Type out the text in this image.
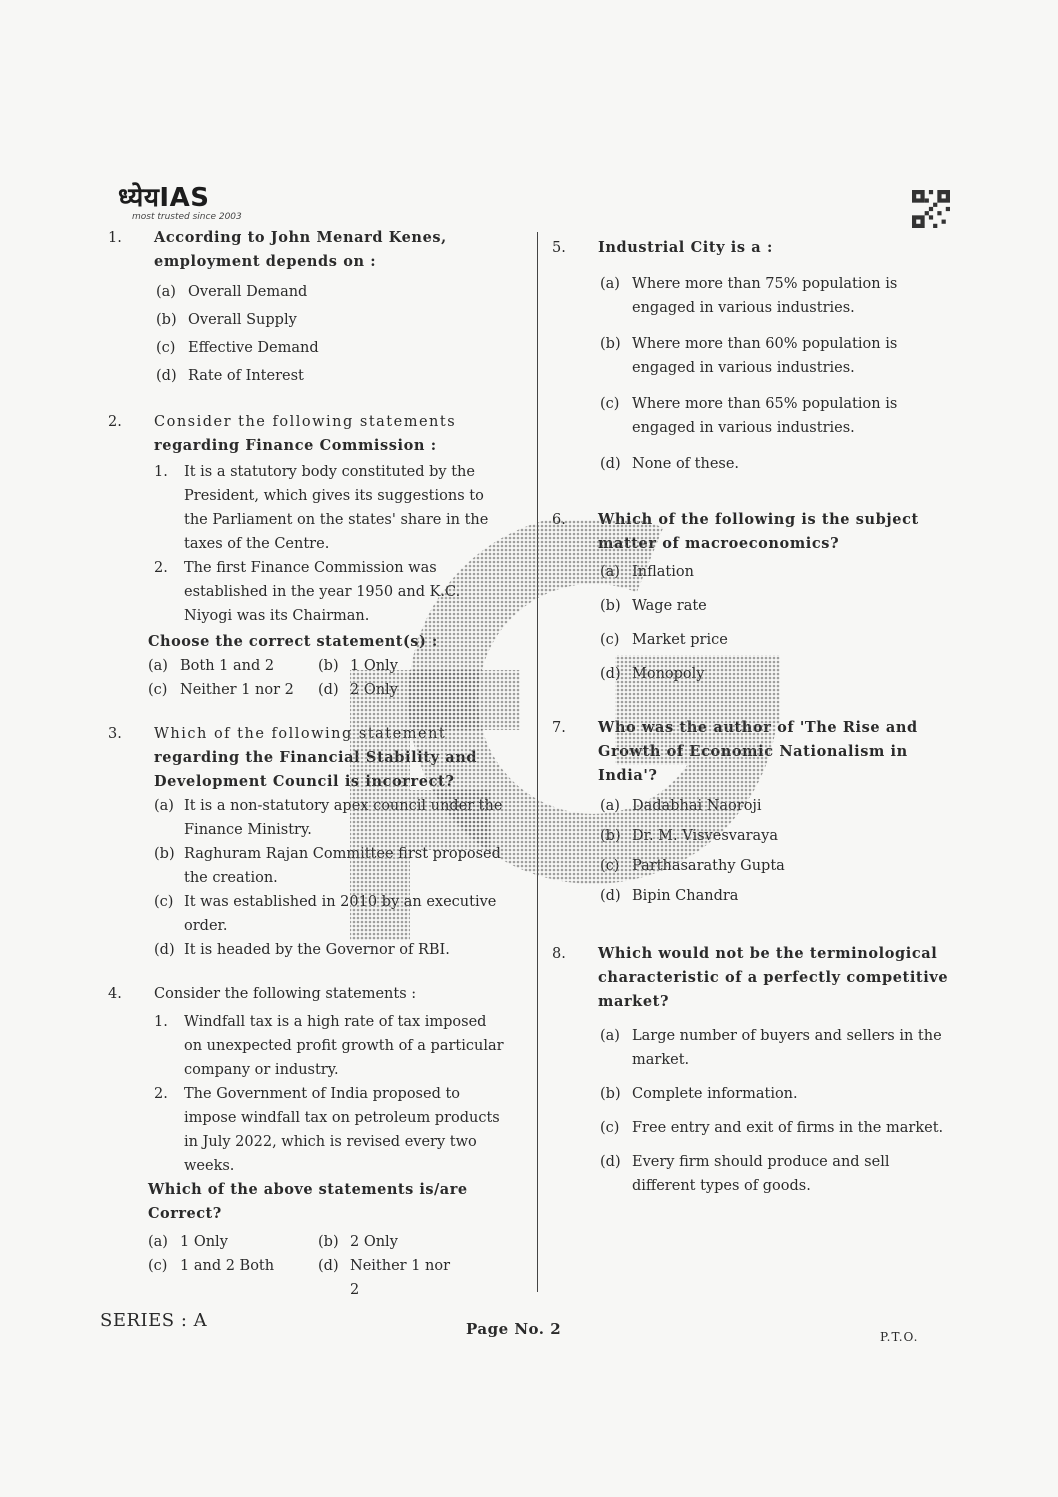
ध्येयIAS
most trusted since 2003
1.	According to John Menard Kenes, employment depends on :
(a) Overall Demand
(b) Overall Supply
(c) Effective Demand
(d) Rate of Interest
2.	Consider the following statements
regarding Finance Commission :
1.	It is a statutory body constituted by the President, which gives its suggestions to the Parliament on the states' share in the taxes of the Centre.
2.	The first Finance Commission was established in the year 1950 and K.C. Niyogi was its Chairman.
Choose the correct statement(s) :
(a) Both 1 and 2	(b) 1 Only
(c) Neither 1 nor 2 (d) 2 Only
3.	Which of the following statement
regarding the Financial Stability and Development Council is incorrect?
(a) It is a non-statutory apex council under the Finance Ministry.
(b) Raghuram Rajan Committee first proposed the creation.
(c) It was established in 2010 by an executive order.
(d) It is headed by the Governor of RBI.
4.	Consider the following statements :
1.	Windfall tax is a high rate of tax imposed on unexpected profit growth of a particular company or industry.
2.	The Government of India proposed to impose windfall tax on petroleum products in July 2022, which is revised every two weeks.
Which of the above statements is/are Correct?
(a) 1 Only	(b) 2 Only
(c) 1 and 2 Both	(d) Neither 1 nor 2
5.	Industrial City is a :
(a) Where more than 75% population is engaged in various industries.
(b) Where more than 60% population is engaged in various industries.
(c) Where more than 65% population is engaged in various industries.
(d) None of these.
6.	Which of the following is the subject matter of macroeconomics?
(a) Inflation
(b) Wage rate
(c) Market price
(d) Monopoly
7.	Who was the author of 'The Rise and Growth of Economic Nationalism in India'?
(a) Dadabhai Naoroji
(b) Dr. M. Visvesvaraya
(c) Parthasarathy Gupta
(d) Bipin Chandra
8.	Which would not be the terminological characteristic of a perfectly competitive market?
(a) Large number of buyers and sellers in the market.
(b) Complete information.
(c) Free entry and exit of firms in the market.
(d) Every firm should produce and sell different types of goods.
SERIES : A	Page No. 2	P.T.O.
